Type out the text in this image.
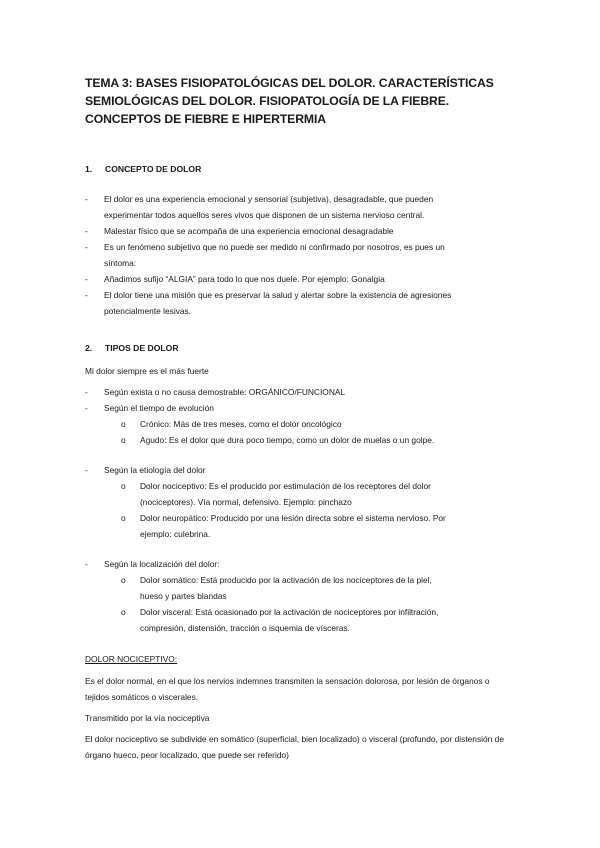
TEMA 3: BASES FISIOPATOLÓGICAS DEL DOLOR. CARACTERÍSTICAS SEMIOLÓGICAS DEL DOLOR. FISIOPATOLOGÍA DE LA FIEBRE. CONCEPTOS DE FIEBRE E HIPERTERMIA
1. CONCEPTO DE DOLOR
- El dolor es una experiencia emocional y sensorial (subjetiva), desagradable, que pueden

experimentar todos aquellos seres vivos que disponen de un sistema nervioso central.

- Malestar físico que se acompaña de una experiencia emocional desagradable

- Es un fenómeno subjetivo que no puede ser medido ni confirmado por nosotros, es pues un

síntoma:

- Añadimos sufijo “ALGIA” para todo lo que nos duele. Por ejemplo: Gonalgia

- El dolor tiene una misión que es preservar la salud y alertar sobre la existencia de agresiones

potencialmente lesivas.

2. TIPOS DE DOLOR

Mi dolor siempre es el más fuerte

- Según exista o no causa demostrable: ORGÁNICO/FUNCIONAL

- Según el tiempo de evolución

o Crónico: Más de tres meses, como el dolor oncológico

o Agudo: Es el dolor que dura poco tiempo, como un dolor de muelas o un golpe.

- Según la etiología del dolor

o Dolor nociceptivo: Es el producido por estimulación de los receptores del dolor

(nociceptores). Vía normal, defensivo. Ejemplo: pinchazo

o Dolor neuropático: Producido por una lesión directa sobre el sistema nervioso. Por

ejemplo: culebrina.

- Según la localización del dolor:

o Dolor somático: Está producido por la activación de los nociceptores de la piel,

hueso y partes blandas

o Dolor visceral: Está ocasionado por la activación de nociceptores por infiltración,

compresión, distensión, tracción o isquemia de vísceras.

DOLOR NOCICEPTIVO:

Es el dolor normal, en el que los nervios indemnes transmiten la sensación dolorosa, por lesión de órganos o tejidos somáticos o viscerales.

Transmitido por la vía nociceptiva

El dolor nociceptivo se subdivide en somático (superficial, bien localizado) o visceral (profundo, por distensión de órgano hueco, peor localizado, que puede ser referido)
